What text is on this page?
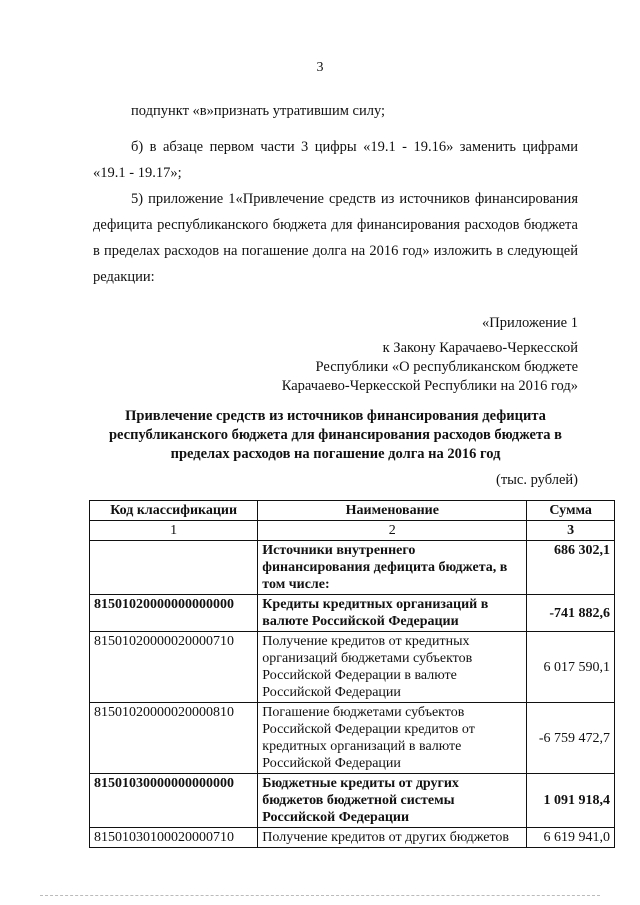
3
подпункт «в»признать утратившим силу;
б) в абзаце первом части 3 цифры «19.1 - 19.16» заменить цифрами «19.1 - 19.17»;
5) приложение 1«Привлечение средств из источников финансирования дефицита республиканского бюджета для финансирования расходов бюджета в пределах расходов на погашение долга на 2016 год» изложить в следующей редакции:
«Приложение 1
к Закону Карачаево-Черкесской
Республики «О республиканском бюджете
Карачаево-Черкесской Республики на 2016 год»
Привлечение средств из источников финансирования дефицита республиканского бюджета для финансирования расходов бюджета в пределах расходов на погашение долга на 2016 год
(тыс. рублей)
Код классификации	Наименование	Сумма
1	2	3
	Источники внутреннего финансирования дефицита бюджета, в том числе:	686 302,1
81501020000000000000	Кредиты кредитных организаций в валюте Российской Федерации	-741 882,6
81501020000020000710	Получение кредитов от кредитных организаций бюджетами субъектов Российской Федерации в валюте Российской Федерации	6 017 590,1
81501020000020000810	Погашение бюджетами субъектов Российской Федерации кредитов от кредитных организаций в валюте Российской Федерации	-6 759 472,7
81501030000000000000	Бюджетные кредиты от других бюджетов бюджетной системы Российской Федерации	1 091 918,4
81501030100020000710	Получение кредитов от других бюджетов	6 619 941,0
